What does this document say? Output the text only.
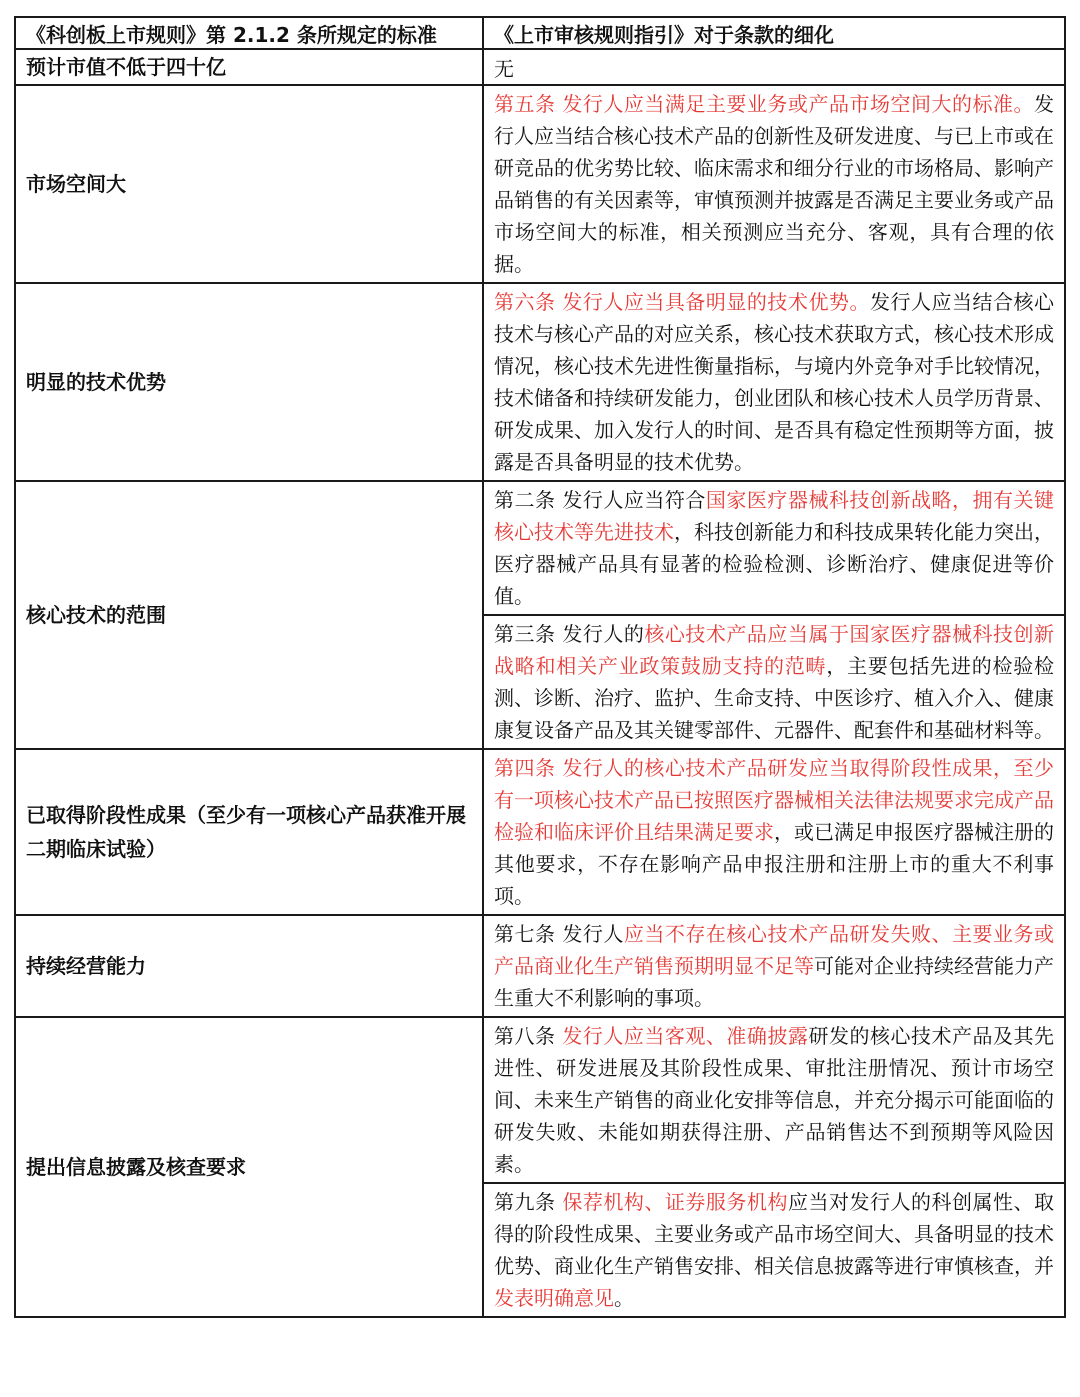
《科创板上市规则》第 2.1.2 条所规定的标准	《上市审核规则指引》对于条款的细化
预计市值不低于四十亿	无
市场空间大	第五条 发行人应当满足主要业务或产品市场空间大的标准。发行人应当结合核心技术产品的创新性及研发进度、与已上市或在研竞品的优劣势比较、临床需求和细分行业的市场格局、影响产品销售的有关因素等，审慎预测并披露是否满足主要业务或产品市场空间大的标准，相关预测应当充分、客观，具有合理的依据。
明显的技术优势	第六条 发行人应当具备明显的技术优势。发行人应当结合核心技术与核心产品的对应关系，核心技术获取方式，核心技术形成情况，核心技术先进性衡量指标，与境内外竞争对手比较情况，技术储备和持续研发能力，创业团队和核心技术人员学历背景、研发成果、加入发行人的时间、是否具有稳定性预期等方面，披露是否具备明显的技术优势。
核心技术的范围	第二条 发行人应当符合国家医疗器械科技创新战略，拥有关键核心技术等先进技术，科技创新能力和科技成果转化能力突出，医疗器械产品具有显著的检验检测、诊断治疗、健康促进等价值。
	第三条 发行人的核心技术产品应当属于国家医疗器械科技创新战略和相关产业政策鼓励支持的范畴，主要包括先进的检验检测、诊断、治疗、监护、生命支持、中医诊疗、植入介入、健康康复设备产品及其关键零部件、元器件、配套件和基础材料等。
已取得阶段性成果（至少有一项核心产品获准开展二期临床试验）	第四条 发行人的核心技术产品研发应当取得阶段性成果，至少有一项核心技术产品已按照医疗器械相关法律法规要求完成产品检验和临床评价且结果满足要求，或已满足申报医疗器械注册的其他要求，不存在影响产品申报注册和注册上市的重大不利事项。
持续经营能力	第七条 发行人应当不存在核心技术产品研发失败、主要业务或产品商业化生产销售预期明显不足等可能对企业持续经营能力产生重大不利影响的事项。
提出信息披露及核查要求	第八条 发行人应当客观、准确披露研发的核心技术产品及其先进性、研发进展及其阶段性成果、审批注册情况、预计市场空间、未来生产销售的商业化安排等信息，并充分揭示可能面临的研发失败、未能如期获得注册、产品销售达不到预期等风险因素。
	第九条 保荐机构、证券服务机构应当对发行人的科创属性、取得的阶段性成果、主要业务或产品市场空间大、具备明显的技术优势、商业化生产销售安排、相关信息披露等进行审慎核查，并发表明确意见。
